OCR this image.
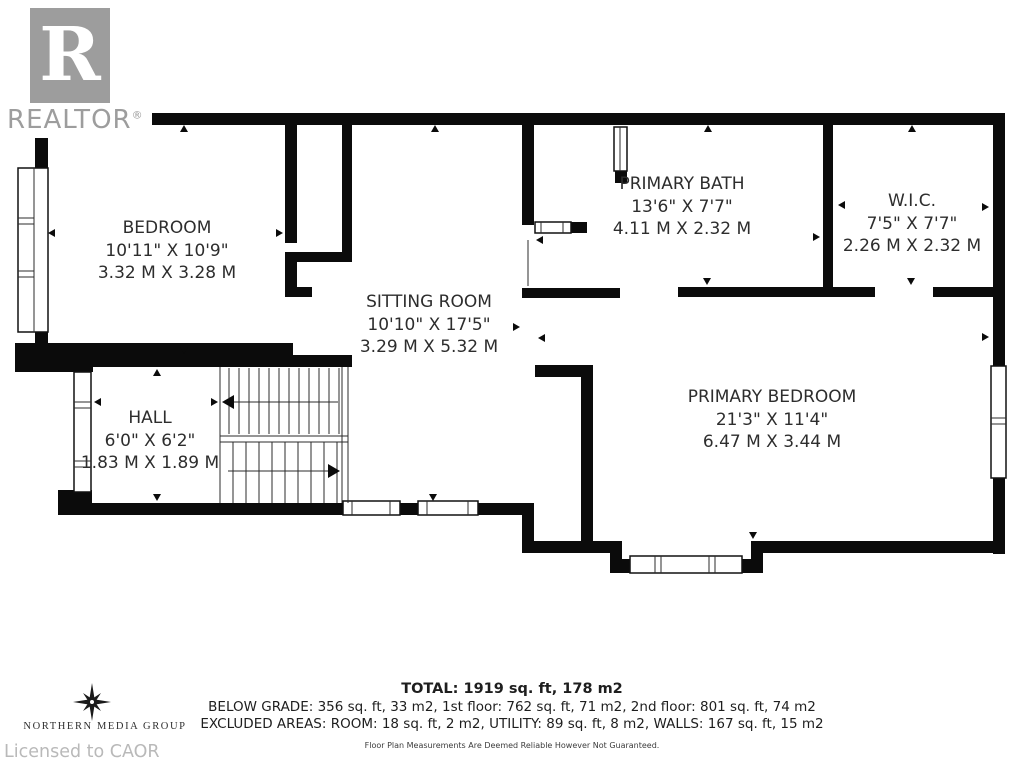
R
REALTOR®
BEDROOM
10'11" X 10'9"
3.32 M X 3.28 M
SITTING ROOM
10'10" X 17'5"
3.29 M X 5.32 M
PRIMARY BATH
13'6" X 7'7"
4.11 M X 2.32 M
W.I.C.
7'5" X 7'7"
2.26 M X 2.32 M
PRIMARY BEDROOM
21'3" X 11'4"
6.47 M X 3.44 M
HALL
6'0" X 6'2"
1.83 M X 1.89 M
TOTAL: 1919 sq. ft, 178 m2
BELOW GRADE: 356 sq. ft, 33 m2, 1st floor: 762 sq. ft, 71 m2, 2nd floor: 801 sq. ft, 74 m2
EXCLUDED AREAS: ROOM: 18 sq. ft, 2 m2, UTILITY: 89 sq. ft, 8 m2, WALLS: 167 sq. ft, 15 m2
Floor Plan Measurements Are Deemed Reliable However Not Guaranteed.
NORTHERN MEDIA GROUP
Licensed to CAOR
